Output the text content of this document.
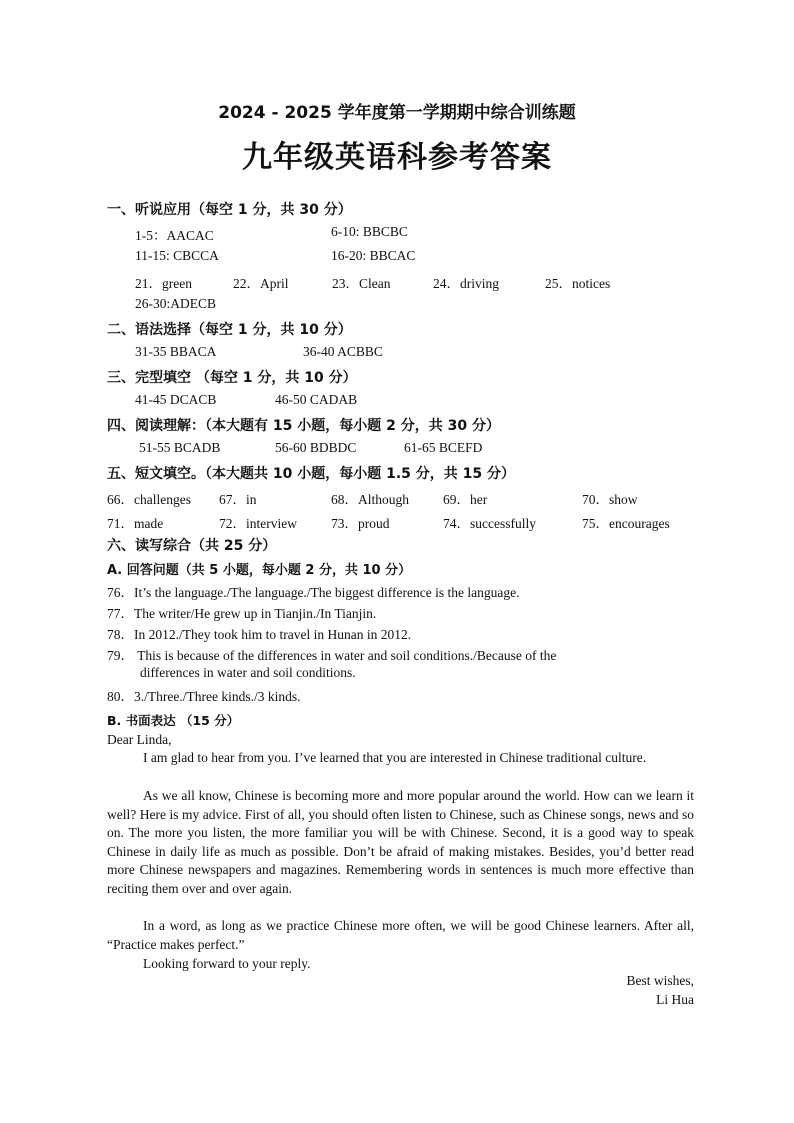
2024 - 2025 学年度第一学期期中综合训练题
九年级英语科参考答案
一、听说应用（每空 1 分，共 30 分）
1-5：AACAC	6-10: BBCBC
11-15: CBCCA	16-20: BBCAC
21．green	22．April	23．Clean	24．driving	25．notices
26-30:ADECB
二、语法选择（每空 1 分，共 10 分）
31-35 BBACA	36-40 ACBBC
三、完型填空 （每空 1 分，共 10 分）
41-45 DCACB	46-50 CADAB
四、阅读理解：（本大题有 15 小题，每小题 2 分，共 30 分）
51-55 BCADB	56-60 BDBDC	61-65 BCEFD
五、短文填空。（本大题共 10 小题，每小题 1.5 分，共 15 分）
66．challenges 67．in	68．Although	69．her	70．show
71．made	72．interview	73．proud	74．successfully	75．encourages
六、读写综合（共 25 分）
A. 回答问题（共 5 小题，每小题 2 分，共 10 分）
76．It’s the language./The language./The biggest difference is the language.
77．The writer/He grew up in Tianjin./In Tianjin.
78．In 2012./They took him to travel in Hunan in 2012.
79． This is because of the differences in water and soil conditions./Because of the
differences in water and soil conditions.
80．3./Three./Three kinds./3 kinds.
B. 书面表达 （15 分）
Dear Linda,
I am glad to hear from you. I’ve learned that you are interested in Chinese traditional culture.
As we all know, Chinese is becoming more and more popular around the world. How can we learn it well? Here is my advice. First of all, you should often listen to Chinese, such as Chinese songs, news and so on. The more you listen, the more familiar you will be with Chinese. Second, it is a good way to speak Chinese in daily life as much as possible. Don’t be afraid of making mistakes. Besides, you’d better read more Chinese newspapers and magazines. Remembering words in sentences is much more effective than reciting them over and over again.
In a word, as long as we practice Chinese more often, we will be good Chinese learners. After all, “Practice makes perfect.”
Looking forward to your reply.
Best wishes,
Li Hua
